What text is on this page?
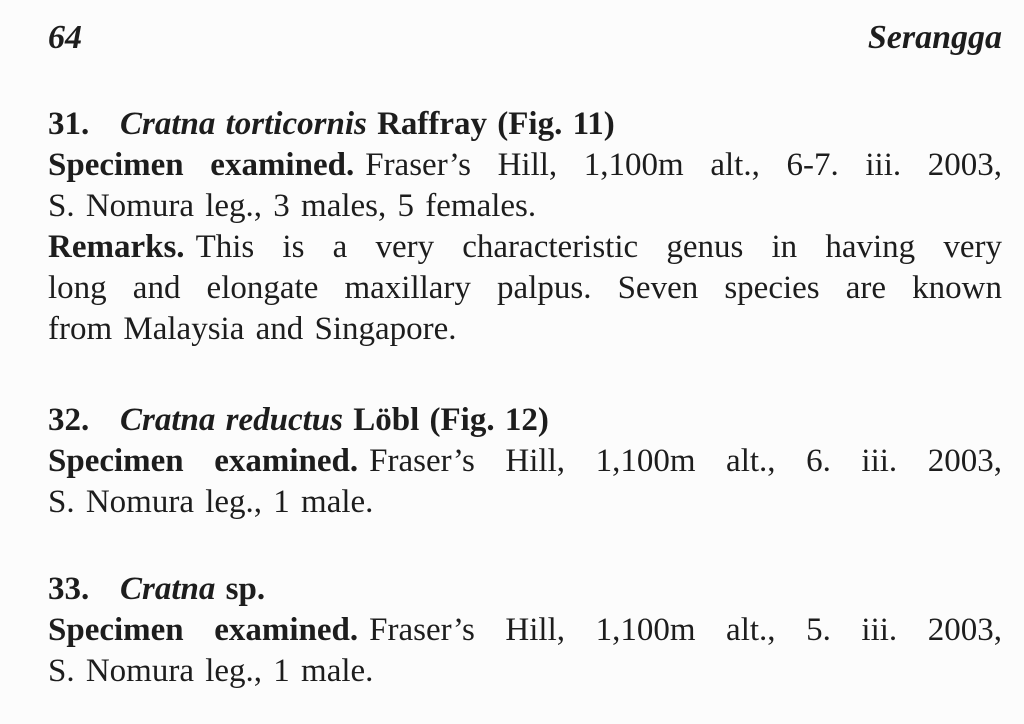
64	Serangga
31. Cratna torticornis Raffray (Fig. 11)
Specimen examined. Fraser’s Hill, 1,100m alt., 6-7. iii. 2003,
S. Nomura leg., 3 males, 5 females.
Remarks. This is a very characteristic genus in having very
long and elongate maxillary palpus. Seven species are known
from Malaysia and Singapore.
32. Cratna reductus Löbl (Fig. 12)
Specimen examined. Fraser’s Hill, 1,100m alt., 6. iii. 2003,
S. Nomura leg., 1 male.
33. Cratna sp.
Specimen examined. Fraser’s Hill, 1,100m alt., 5. iii. 2003,
S. Nomura leg., 1 male.
